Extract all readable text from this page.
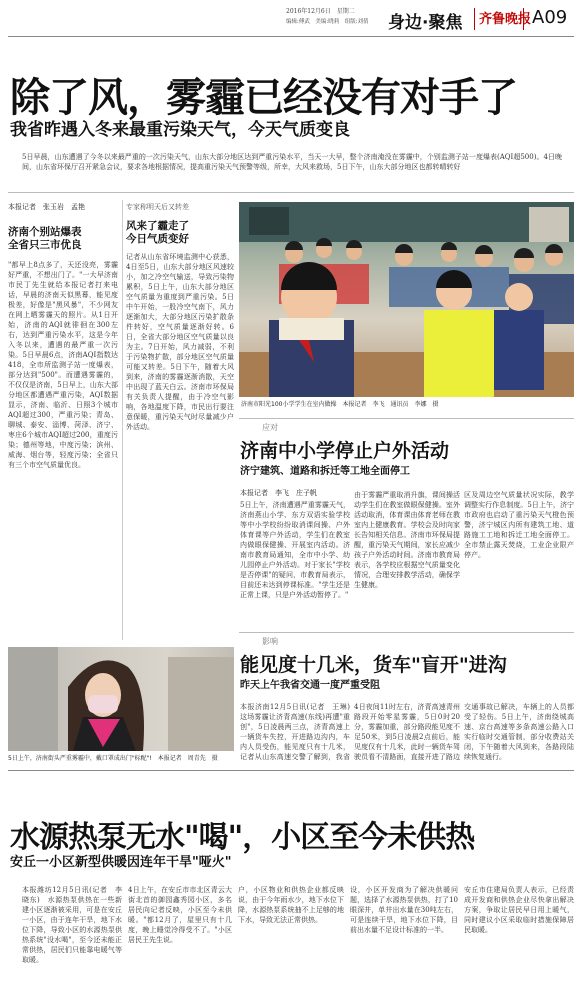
2016年12月6日　星期二
编辑:傅武　美编:晓莉　组版:刘倩	身边·聚焦	齐鲁晚报 A09
除了风，雾霾已经没有对手了
我省昨遇入冬来最重污染天气，今天气质变良
5日早晨，山东遭遇了今冬以来最严重的一次污染天气，山东大部分地区达到严重污染水平，当天一大早，整个济南淹没在雾霾中，个别监测子站一度爆表(AQI超500)。4日晚间，山东省环保厅召开紧急会议，要求各地根据情况，提高重污染天气预警等级，所幸，大风来救场，5日下午，山东大部分地区也都转晴转好
本报记者　张玉岩　孟艳
济南个别站爆表
全省只三市优良
"都早上8点多了，天还没亮，雾霾好严重，不想出门了。"一大早济南市民丁先生就给本报记者打来电话，早晨的济南天似黑幕，能见度极差，好像是"黑风暴"，不少网友在网上晒雾霾天的照片。从1日开始，济南的AQI就徘徊在300左右，达到严重污染水平，这是今年入冬以来，遭遇的最严重一次污染。5日早晨6点，济南AQI指数达418，全市所监测子站一度爆表，部分达到"500"。而遭遇雾霾的，不仅仅是济南，5日早上，山东大部分地区都遭遇严重污染，AQI数据显示，济南、临沂、日照3个城市AQI超过300，严重污染；青岛、聊城、泰安、淄博、菏泽、济宁、枣庄6个城市AQI超过200，重度污染；德州等地，中度污染；滨州、威海、烟台等，轻度污染；全省只有三个市空气质量优良。
专家称明天后又转差
风来了霾走了
今日气质变好
记者从山东省环境监测中心获悉，4日至5日，山东大部分地区风速较小，加之冷空气输送，导致污染物累积，5日上午，山东大部分地区空气质量为重度到严重污染。5日中午开始，一股冷空气南下，风力逐渐加大，大部分地区污染扩散条件转好，空气质量逐渐好转。6日，全省大部分地区空气质量以良为主。7日开始，风力减弱，不利于污染物扩散，部分地区空气质量可能又转差。5日下午，随着大风到来，济南的雾霾逐渐消散，天空中出现了蓝天白云。济南市环保局有关负责人提醒，由于冷空气影响，各地温度下降，市民出行要注意保暖，重污染天气时尽量减少户外活动。
济南市阳光100小学学生在室内做操　本报记者　李飞　通讯员　李娜　摄
应对
济南中小学停止户外活动
济宁建筑、道路和拆迁等工地全面停工
本报记者　李飞　庄子帆
5日上午，济南遭遇严重雾霾天气，济南燕山小学、东方双语实验学校等中小学校纷纷取消课间操、户外体育课等户外活动，学生们在教室内做眼保健操、开展室内活动。济南市教育局通知，全市中小学、幼儿园停止户外活动。对于家长"学校是否停课"的疑问，市教育局表示，目前还未达到停课标准。"学生还是正常上课，只是户外活动暂停了。"
由于雾霾严重取消升旗，课间操活动学生们在教室做眼保健操。室外活动取消，体育课由体育老师在教室内上健康教育。学校会及时向家长告知相关信息。济南市环保局提醒，重污染天气期间，家长应减少孩子户外活动时间。济南市教育局表示，各学校应根据空气质量变化情况，合理安排教学活动，确保学生健康。
区及周边空气质量状况实际，教学调整实行作息制度。5日上午，济宁市政府也启动了重污染天气橙色预警，济宁城区内所有建筑工地、道路施工工地和拆迁工地全面停工。全市禁止露天焚烧，工业企业限产停产。
5日上午，济南街头严重雾霾中，戴口罩成出门"标配"!　本报记者　周青先　摄
影响
能见度十几米，货车"盲开"进沟
昨天上午我省交通一度严重受阻
本报济南12月5日讯(记者　王琳)　这场雾霾让济青高速(东线)再遭"重创"，5日凌晨两三点，济青高速上一辆货车失控，开进路边沟内，车内人员受伤，能见度只有十几米，记者从山东高速交警了解到，我省
4日夜间11时左右，济青高速青州路段开始零星雾霾，5日0时20分，雾霾加重，部分路段能见度不足50米，到5日凌晨2点前后，能见度仅有十几米，此时一辆货车驾驶员看不清路面，直接开进了路边
交通事故已解决，车辆上的人员都受了轻伤。5日上午，济南绕城高速、京台高速等多条高速公路入口实行临时交通管制，部分收费站关闭，下午随着大风到来，各路段陆续恢复通行。
水源热泵无水"喝"，小区至今未供热
安丘一小区新型供暖因连年干旱"哑火"
本报潍坊12月5日讯(记者　李晓东)　水源热泵供热在一些新建小区逐渐被采用，可是在安丘一小区，由于连年干旱，地下水位下降，导致小区的水源热泵供热系统"没水喝"，至今还未能正常供热，居民们只能靠电暖气等取暖。
4日上午，在安丘市市北区青云大街北首的御园鑫秀园小区，多名居民向记者反映，小区至今未供暖。"都12月了，屋里只有十几度，晚上睡觉冷得受不了。"小区居民王先生说。
户，小区物业和供热企业都反映说，由于今年雨水少，地下水位下降，水源热泵系统抽不上足够的地下水，导致无法正常供热。
设，小区开发商为了解决供暖问题，选择了水源热泵供热，打了10眼深井，单井出水量在30吨左右，可是连续干旱，地下水位下降，目前出水量不足设计标准的一半。
安丘市住建局负责人表示，已经责成开发商和供热企业尽快拿出解决方案，争取让居民早日用上暖气，同时建议小区采取临时措施保障居民取暖。
